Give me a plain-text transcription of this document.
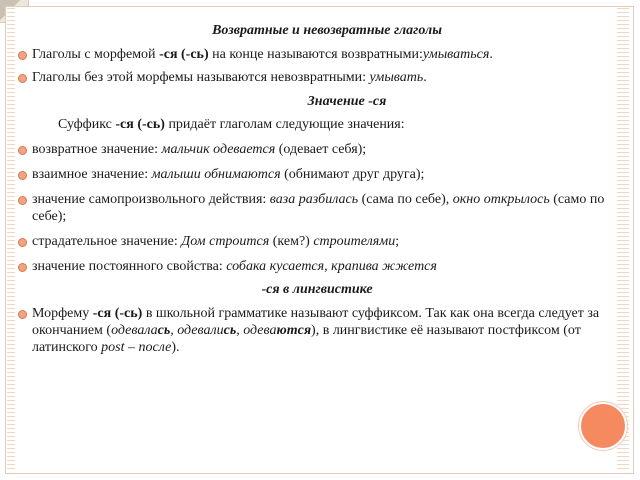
Возвратные и невозвратные глаголы

Глаголы с морфемой -ся (-сь) на конце называются возвратными:умываться.

Глаголы без этой морфемы называются невозвратными: умывать.

Значение -ся

Суффикс -ся (-сь) придаёт глаголам следующие значения:

возвратное значение: мальчик одевается (одевает себя);

взаимное значение: малыши обнимаются (обнимают друг друга);

значение самопроизвольного действия: ваза разбилась (сама по себе), окно открылось (само по себе);

страдательное значение: Дом строится (кем?) строителями;

значение постоянного свойства: собака кусается, крапива жжется

-ся в лингвистике

Морфему -ся (-сь) в школьной грамматике называют суффиксом. Так как она всегда следует за окончанием (одевалась, одевались, одеваются), в лингвистике её называют постфиксом (от латинского post – после).
